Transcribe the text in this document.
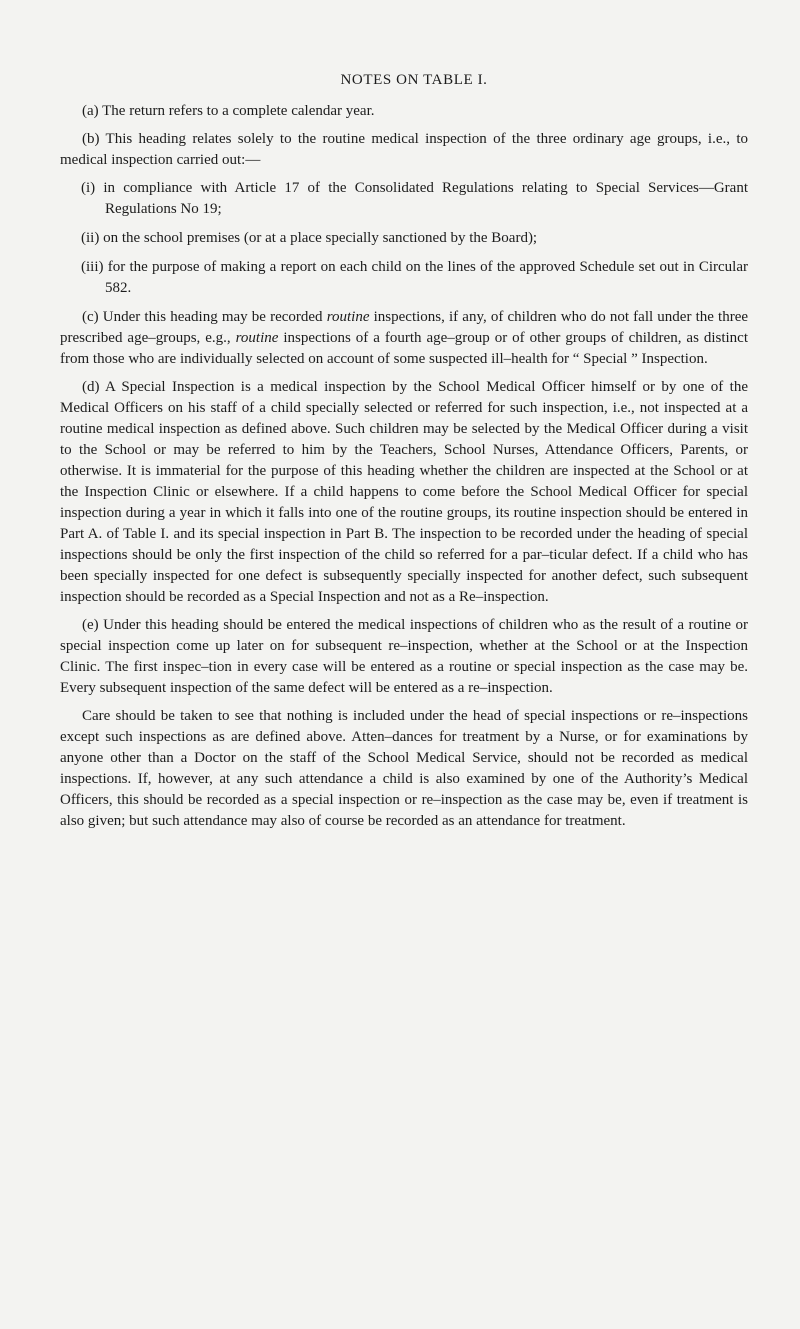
NOTES ON TABLE I.

(a) The return refers to a complete calendar year.

(b) This heading relates solely to the routine medical inspection of the three ordinary age groups, i.e., to medical inspection carried out:—

(i) in compliance with Article 17 of the Consolidated Regulations relating to Special Services—Grant Regulations No 19;

(ii) on the school premises (or at a place specially sanctioned by the Board);

(iii) for the purpose of making a report on each child on the lines of the approved Schedule set out in Circular 582.

(c) Under this heading may be recorded routine inspections, if any, of children who do not fall under the three prescribed age–groups, e.g., routine inspections of a fourth age–group or of other groups of children, as distinct from those who are individually selected on account of some suspected ill–health for “ Special ” Inspection.

(d) A Special Inspection is a medical inspection by the School Medical Officer himself or by one of the Medical Officers on his staff of a child specially selected or referred for such inspection, i.e., not inspected at a routine medical inspection as defined above. Such children may be selected by the Medical Officer during a visit to the School or may be referred to him by the Teachers, School Nurses, Attendance Officers, Parents, or otherwise. It is immaterial for the purpose of this heading whether the children are inspected at the School or at the Inspection Clinic or elsewhere. If a child happens to come before the School Medical Officer for special inspection during a year in which it falls into one of the routine groups, its routine inspection should be entered in Part A. of Table I. and its special inspection in Part B. The inspection to be recorded under the heading of special inspections should be only the first inspection of the child so referred for a par–ticular defect. If a child who has been specially inspected for one defect is subsequently specially inspected for another defect, such subsequent inspection should be recorded as a Special Inspection and not as a Re–inspection.

(e) Under this heading should be entered the medical inspections of children who as the result of a routine or special inspection come up later on for subsequent re–inspection, whether at the School or at the Inspection Clinic. The first inspec–tion in every case will be entered as a routine or special inspection as the case may be. Every subsequent inspection of the same defect will be entered as a re–inspection.

Care should be taken to see that nothing is included under the head of special inspections or re–inspections except such inspections as are defined above. Atten–dances for treatment by a Nurse, or for examinations by anyone other than a Doctor on the staff of the School Medical Service, should not be recorded as medical inspections. If, however, at any such attendance a child is also examined by one of the Authority’s Medical Officers, this should be recorded as a special inspection or re–inspection as the case may be, even if treatment is also given; but such attendance may also of course be recorded as an attendance for treatment.
